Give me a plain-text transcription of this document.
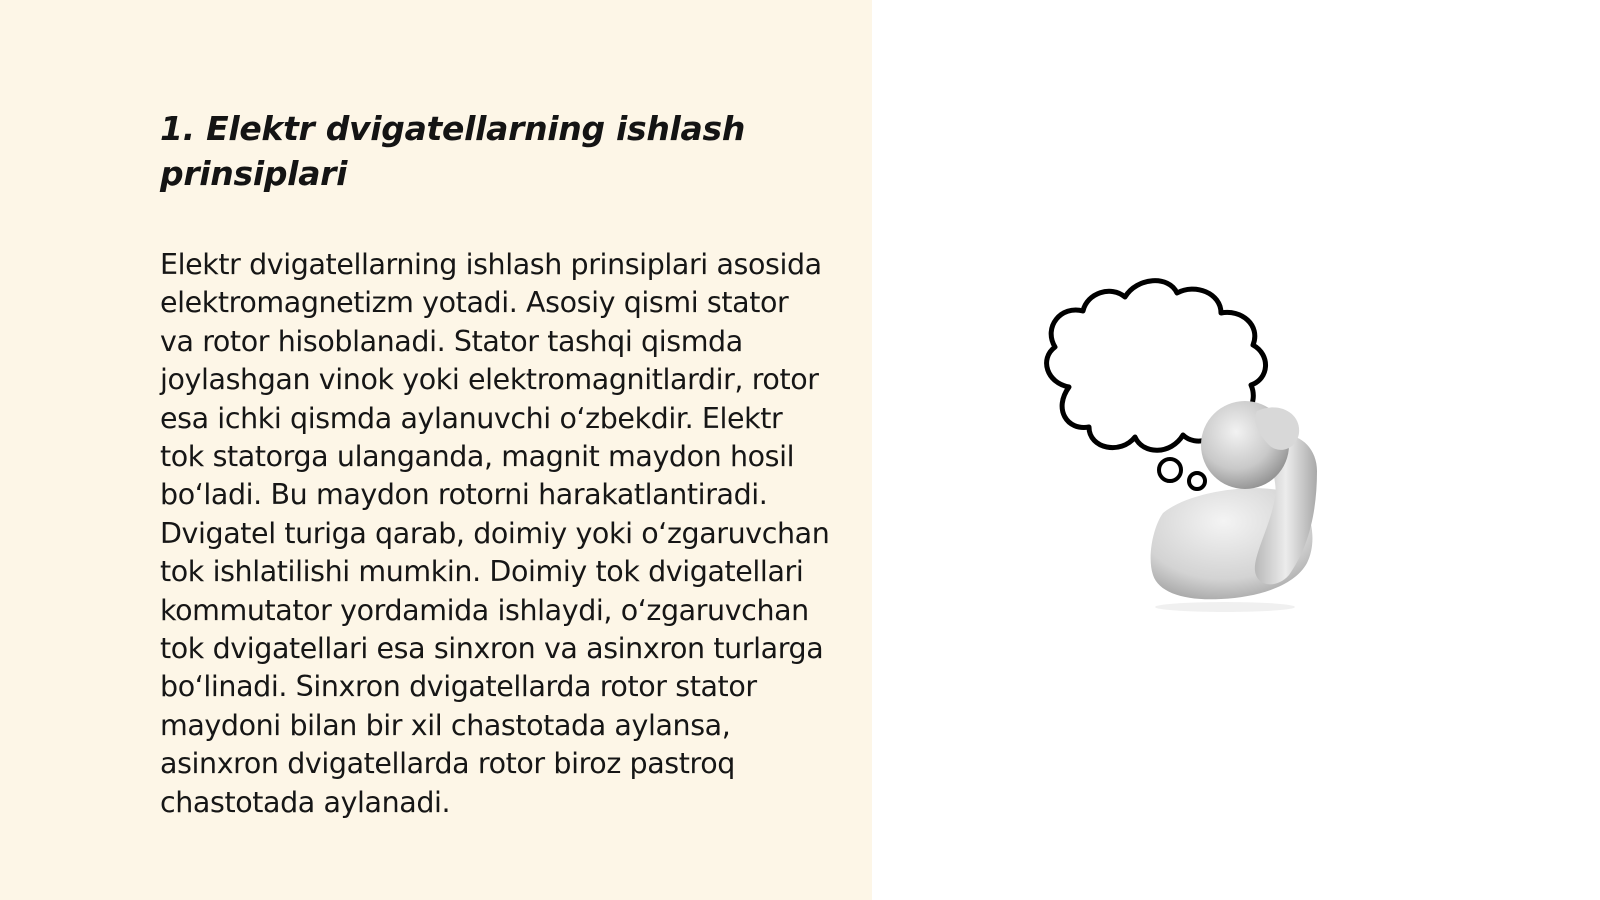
1. Elektr dvigatellarning ishlash prinsiplari

Elektr dvigatellarning ishlash prinsiplari asosida elektromagnetizm yotadi. Asosiy qismi stator va rotor hisoblanadi. Stator tashqi qismda joylashgan vinok yoki elektromagnitlardir, rotor esa ichki qismda aylanuvchi oʻzbekdir. Elektr tok statorga ulanganda, magnit maydon hosil boʻladi. Bu maydon rotorni harakatlantiradi. Dvigatel turiga qarab, doimiy yoki oʻzgaruvchan tok ishlatilishi mumkin. Doimiy tok dvigatellari kommutator yordamida ishlaydi, oʻzgaruvchan tok dvigatellari esa sinxron va asinxron turlarga boʻlinadi. Sinxron dvigatellarda rotor stator maydoni bilan bir xil chastotada aylansa, asinxron dvigatellarda rotor biroz pastroq chastotada aylanadi.
